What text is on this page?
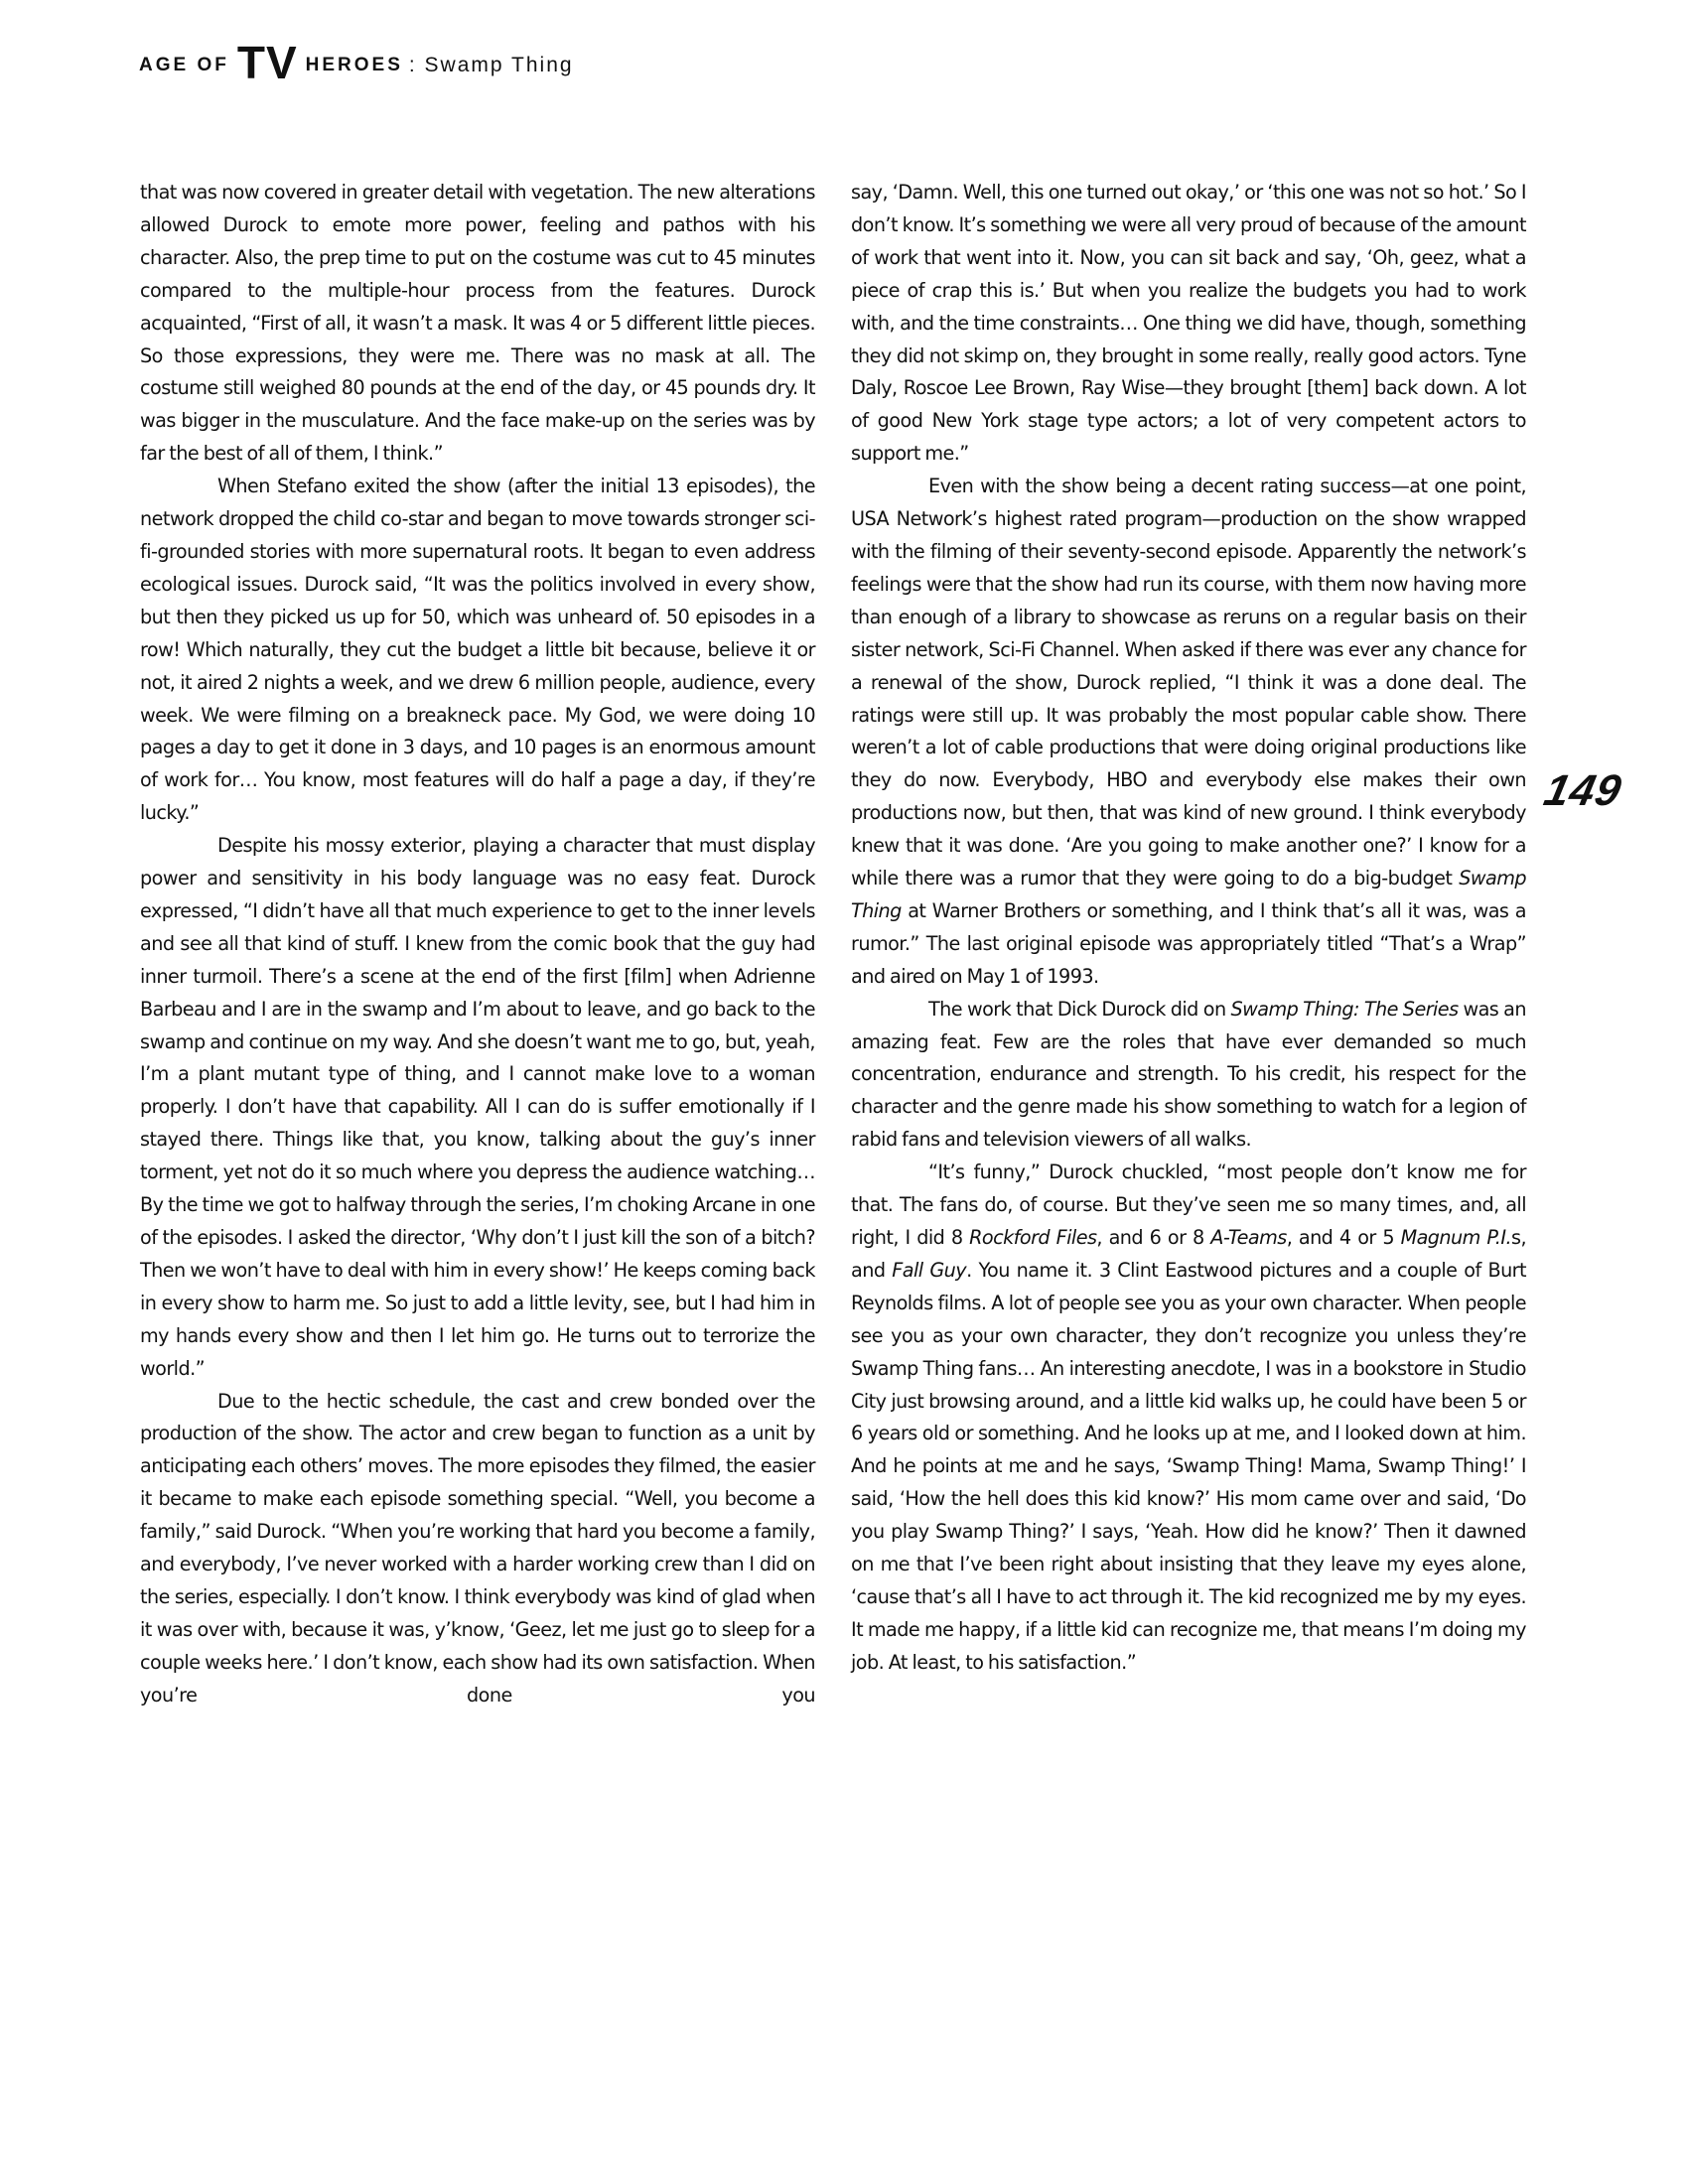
AGE OF TV HEROES : Swamp Thing

that was now covered in greater detail with vegetation. The new alterations allowed Durock to emote more power, feeling and pathos with his character. Also, the prep time to put on the costume was cut to 45 minutes compared to the multiple-hour process from the features. Durock acquainted, “First of all, it wasn’t a mask. It was 4 or 5 different little pieces. So those expressions, they were me. There was no mask at all. The costume still weighed 80 pounds at the end of the day, or 45 pounds dry. It was bigger in the musculature. And the face make-up on the series was by far the best of all of them, I think.”

When Stefano exited the show (after the initial 13 episodes), the network dropped the child co-star and began to move towards stronger sci-fi-grounded stories with more supernatural roots. It began to even address ecological issues. Durock said, “It was the politics involved in every show, but then they picked us up for 50, which was unheard of. 50 episodes in a row! Which naturally, they cut the budget a little bit because, believe it or not, it aired 2 nights a week, and we drew 6 million people, audience, every week. We were filming on a breakneck pace. My God, we were doing 10 pages a day to get it done in 3 days, and 10 pages is an enormous amount of work for… You know, most features will do half a page a day, if they’re lucky.”

Despite his mossy exterior, playing a character that must display power and sensitivity in his body language was no easy feat. Durock expressed, “I didn’t have all that much experience to get to the inner levels and see all that kind of stuff. I knew from the comic book that the guy had inner turmoil. There’s a scene at the end of the first [film] when Adrienne Barbeau and I are in the swamp and I’m about to leave, and go back to the swamp and continue on my way. And she doesn’t want me to go, but, yeah, I’m a plant mutant type of thing, and I cannot make love to a woman properly. I don’t have that capability. All I can do is suffer emotionally if I stayed there. Things like that, you know, talking about the guy’s inner torment, yet not do it so much where you depress the audience watching… By the time we got to halfway through the series, I’m choking Arcane in one of the episodes. I asked the director, ‘Why don’t I just kill the son of a bitch? Then we won’t have to deal with him in every show!’ He keeps coming back in every show to harm me. So just to add a little levity, see, but I had him in my hands every show and then I let him go. He turns out to terrorize the world.”

Due to the hectic schedule, the cast and crew bonded over the production of the show. The actor and crew began to function as a unit by anticipating each others’ moves. The more episodes they filmed, the easier it became to make each episode something special. “Well, you become a family,” said Durock. “When you’re working that hard you become a family, and everybody, I’ve never worked with a harder working crew than I did on the series, especially. I don’t know. I think everybody was kind of glad when it was over with, because it was, y’know, ‘Geez, let me just go to sleep for a couple weeks here.’ I don’t know, each show had its own satisfaction. When you’re done you

say, ‘Damn. Well, this one turned out okay,’ or ‘this one was not so hot.’ So I don’t know. It’s something we were all very proud of because of the amount of work that went into it. Now, you can sit back and say, ‘Oh, geez, what a piece of crap this is.’ But when you realize the budgets you had to work with, and the time constraints… One thing we did have, though, something they did not skimp on, they brought in some really, really good actors. Tyne Daly, Roscoe Lee Brown, Ray Wise—they brought [them] back down. A lot of good New York stage type actors; a lot of very competent actors to support me.”

Even with the show being a decent rating success—at one point, USA Network’s highest rated program—production on the show wrapped with the filming of their seventy-second episode. Apparently the network’s feelings were that the show had run its course, with them now having more than enough of a library to showcase as reruns on a regular basis on their sister network, Sci-Fi Channel. When asked if there was ever any chance for a renewal of the show, Durock replied, “I think it was a done deal. The ratings were still up. It was probably the most popular cable show. There weren’t a lot of cable productions that were doing original productions like they do now. Everybody, HBO and everybody else makes their own productions now, but then, that was kind of new ground. I think everybody knew that it was done. ‘Are you going to make another one?’ I know for a while there was a rumor that they were going to do a big-budget Swamp Thing at Warner Brothers or something, and I think that’s all it was, was a rumor.” The last original episode was appropriately titled “That’s a Wrap” and aired on May 1 of 1993.

The work that Dick Durock did on Swamp Thing: The Series was an amazing feat. Few are the roles that have ever demanded so much concentration, endurance and strength. To his credit, his respect for the character and the genre made his show something to watch for a legion of rabid fans and television viewers of all walks.

“It’s funny,” Durock chuckled, “most people don’t know me for that. The fans do, of course. But they’ve seen me so many times, and, all right, I did 8 Rockford Files, and 6 or 8 A-Teams, and 4 or 5 Magnum P.I.s, and Fall Guy. You name it. 3 Clint Eastwood pictures and a couple of Burt Reynolds films. A lot of people see you as your own character. When people see you as your own character, they don’t recognize you unless they’re Swamp Thing fans… An interesting anecdote, I was in a bookstore in Studio City just browsing around, and a little kid walks up, he could have been 5 or 6 years old or something. And he looks up at me, and I looked down at him. And he points at me and he says, ‘Swamp Thing! Mama, Swamp Thing!’ I said, ‘How the hell does this kid know?’ His mom came over and said, ‘Do you play Swamp Thing?’ I says, ‘Yeah. How did he know?’ Then it dawned on me that I’ve been right about insisting that they leave my eyes alone, ‘cause that’s all I have to act through it. The kid recognized me by my eyes. It made me happy, if a little kid can recognize me, that means I’m doing my job. At least, to his satisfaction.”

149
